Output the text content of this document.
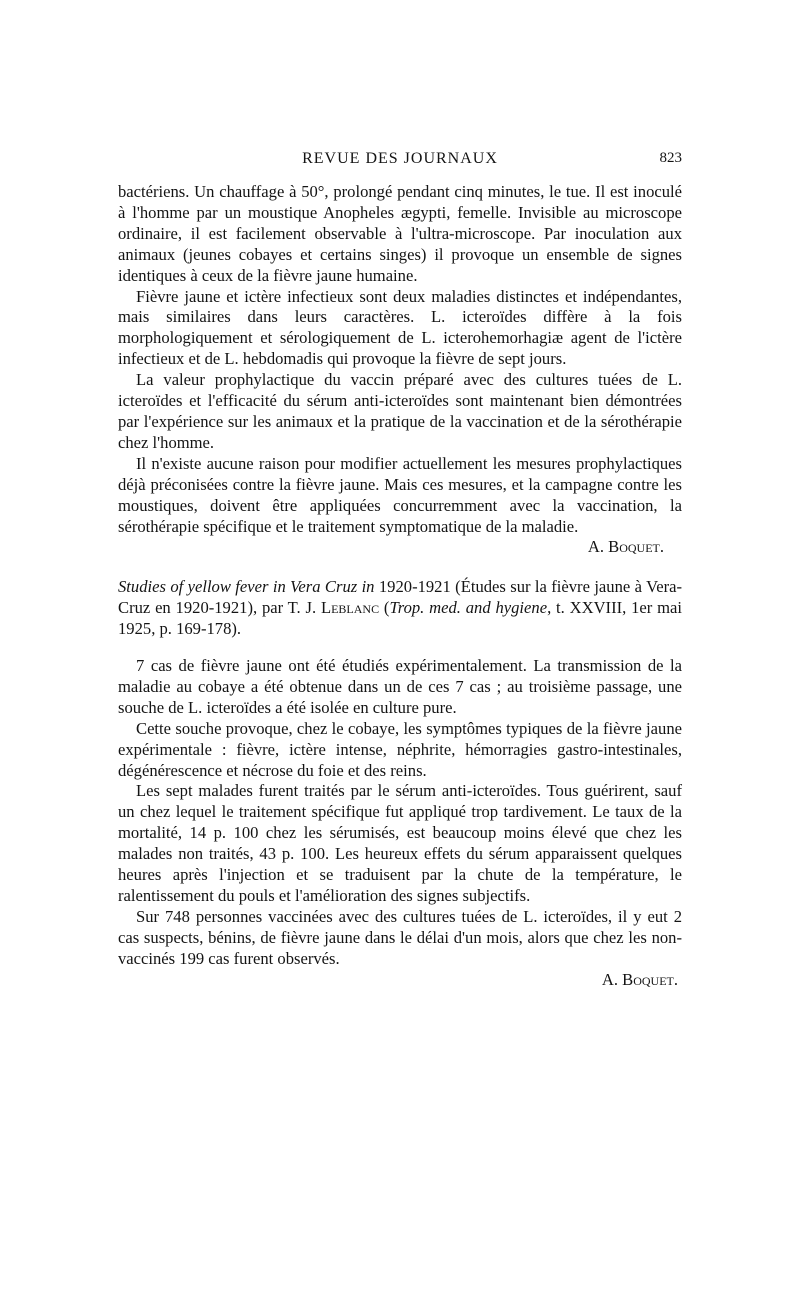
REVUE DES JOURNAUX	823

bactériens. Un chauffage à 50°, prolongé pendant cinq minutes, le tue. Il est inoculé à l'homme par un moustique Anopheles ægypti, femelle. Invisible au microscope ordinaire, il est facilement observable à l'ultra-microscope. Par inoculation aux animaux (jeunes cobayes et certains singes) il provoque un ensemble de signes identiques à ceux de la fièvre jaune humaine.

Fièvre jaune et ictère infectieux sont deux maladies distinctes et indépendantes, mais similaires dans leurs caractères. L. icteroïdes diffère à la fois morphologiquement et sérologiquement de L. icterohemorhagiæ agent de l'ictère infectieux et de L. hebdomadis qui provoque la fièvre de sept jours.

La valeur prophylactique du vaccin préparé avec des cultures tuées de L. icteroïdes et l'efficacité du sérum anti-icteroïdes sont maintenant bien démontrées par l'expérience sur les animaux et la pratique de la vaccination et de la sérothérapie chez l'homme.

Il n'existe aucune raison pour modifier actuellement les mesures prophylactiques déjà préconisées contre la fièvre jaune. Mais ces mesures, et la campagne contre les moustiques, doivent être appliquées concurremment avec la vaccination, la sérothérapie spécifique et le traitement symptomatique de la maladie.

A. Boquet.

Studies of yellow fever in Vera Cruz in 1920-1921 (Études sur la fièvre jaune à Vera-Cruz en 1920-1921), par T. J. Leblanc (Trop. med. and hygiene, t. XXVIII, 1er mai 1925, p. 169-178).

7 cas de fièvre jaune ont été étudiés expérimentalement. La transmission de la maladie au cobaye a été obtenue dans un de ces 7 cas ; au troisième passage, une souche de L. icteroïdes a été isolée en culture pure.

Cette souche provoque, chez le cobaye, les symptômes typiques de la fièvre jaune expérimentale : fièvre, ictère intense, néphrite, hémorragies gastro-intestinales, dégénérescence et nécrose du foie et des reins.

Les sept malades furent traités par le sérum anti-icteroïdes. Tous guérirent, sauf un chez lequel le traitement spécifique fut appliqué trop tardivement. Le taux de la mortalité, 14 p. 100 chez les sérumisés, est beaucoup moins élevé que chez les malades non traités, 43 p. 100. Les heureux effets du sérum apparaissent quelques heures après l'injection et se traduisent par la chute de la température, le ralentissement du pouls et l'amélioration des signes subjectifs.

Sur 748 personnes vaccinées avec des cultures tuées de L. icteroïdes, il y eut 2 cas suspects, bénins, de fièvre jaune dans le délai d'un mois, alors que chez les non-vaccinés 199 cas furent observés.

A. Boquet.
